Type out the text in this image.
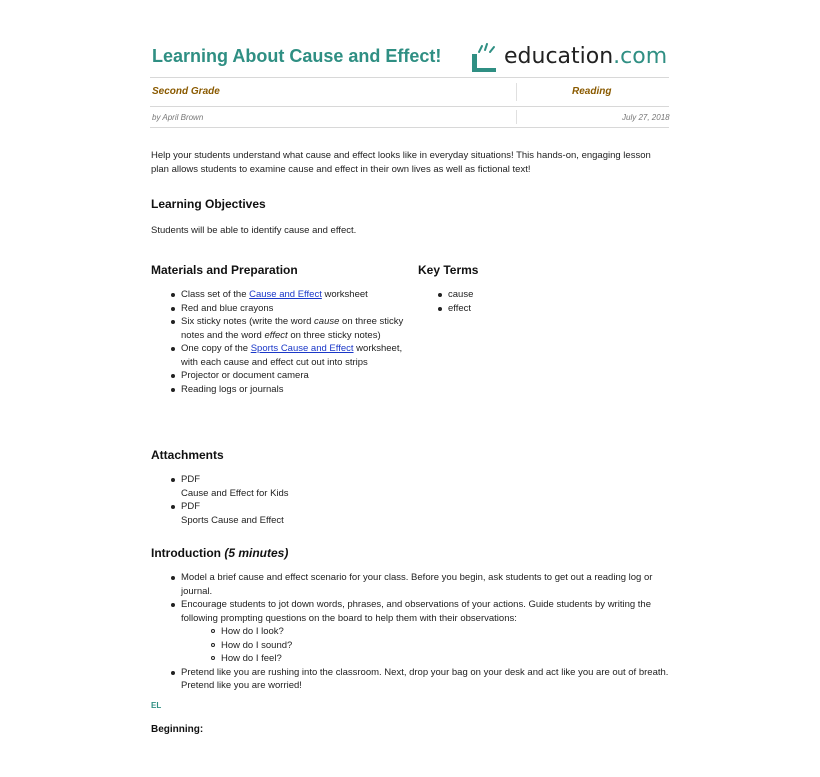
Learning About Cause and Effect!	education.com
Second Grade	Reading
by April Brown	July 27, 2018
Help your students understand what cause and effect looks like in everyday situations! This hands-on, engaging lesson plan allows students to examine cause and effect in their own lives as well as fictional text!
Learning Objectives
Students will be able to identify cause and effect.
Materials and Preparation
Class set of the Cause and Effect worksheet
Red and blue crayons
Six sticky notes (write the word cause on three sticky notes and the word effect on three sticky notes)
One copy of the Sports Cause and Effect worksheet, with each cause and effect cut out into strips
Projector or document camera
Reading logs or journals
Key Terms
cause
effect
Attachments
PDF
Cause and Effect for Kids
PDF
Sports Cause and Effect
Introduction (5 minutes)
Model a brief cause and effect scenario for your class. Before you begin, ask students to get out a reading log or journal.
Encourage students to jot down words, phrases, and observations of your actions. Guide students by writing the following prompting questions on the board to help them with their observations:
How do I look?
How do I sound?
How do I feel?
Pretend like you are rushing into the classroom. Next, drop your bag on your desk and act like you are out of breath. Pretend like you are worried!
EL
Beginning:
